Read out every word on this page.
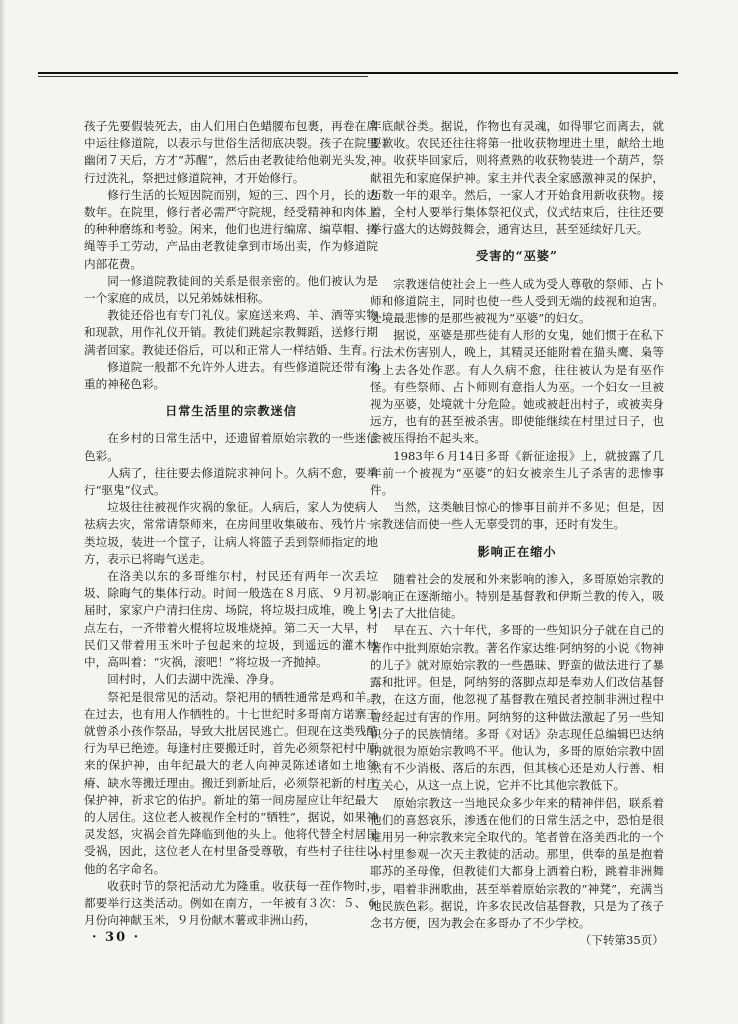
孩子先要假装死去，由人们用白色蜡腰布包裹，再卷在席中运往修道院，以表示与世俗生活彻底决裂。孩子在院里幽闭７天后，方才“苏醒”，然后由老教徒给他剃光头发，行过洗礼，祭把过修道院神，才开始修行。

修行生活的长短因院而别，短的三、四个月，长的达数年。在院里，修行者必需严守院规，经受精神和肉体上的种种磨练和考验。闲来，他们也进行编席、编草帽、搓绳等手工劳动，产品由老教徒拿到市场出卖，作为修道院内部花费。

同一修道院教徒间的关系是很亲密的。他们被认为是一个家庭的成员，以兄弟姊妹相称。

教徒还俗也有专门礼仪。家庭送来鸡、羊、酒等实物和现款，用作礼仪开销。教徒们跳起宗教舞蹈，送修行期满者回家。教徒还俗后，可以和正常人一样结婚、生育。

修道院一般都不允许外人进去。有些修道院还带有浓重的神秘色彩。

日常生活里的宗教迷信

在乡村的日常生活中，还遗留着原始宗教的一些迷信色彩。

人病了，往往要去修道院求神问卜。久病不愈，要举行“驱鬼”仪式。

垃圾往往被视作灾祸的象征。人病后，家人为使病人祛病去灾，常常请祭师来，在房间里收集破布、残竹片一类垃圾，装进一个筐子，让病人将篮子丢到祭师指定的地方，表示已将晦气送走。

在洛美以东的多哥维尔村，村民还有两年一次丢垃圾、除晦气的集体行动。时间一般选在８月底、９月初。届时，家家户户清扫住房、场院，将垃圾扫成堆，晚上９点左右，一齐带着火棍将垃圾堆烧掉。第二天一大早，村民们又带着用玉米叶子包起来的垃圾，到遥远的灌木林中，高叫着：“灾祸，滚吧！”将垃圾一齐抛掉。

回村时，人们去湖中洗澡、净身。

祭祀是很常见的活动。祭祀用的牺牲通常是鸡和羊。在过去，也有用人作牺牲的。十七世纪时多哥南方诺寨王就曾杀小孩作祭品，导致大批居民逃亡。但现在这类残酷行为早已绝迹。每逢村庄要搬迁时，首先必须祭祀村中原来的保护神，由年纪最大的老人向神灵陈述诸如土地贫瘠、缺水等搬迁理由。搬迁到新址后，必须祭祀新的村庄保护神，祈求它的佑护。新址的第一间房屋应让年纪最大的人居住。这位老人被视作全村的“牺牲”，据说，如果神灵发怒，灾祸会首先降临到他的头上。他将代替全村居民受祸，因此，这位老人在村里备受尊敬，有些村子往往以他的名字命名。

收获时节的祭祀活动尤为隆重。收获每一茬作物时，都要举行这类活动。例如在南方，一年被有３次：５、６月份向神献玉米，９月份献木薯或非洲山药，

年底献谷类。据说，作物也有灵魂，如得罪它而离去，就要歉收。农民还往往将第一批收获物埋进土里，献给土地神。收获毕回家后，则将煮熟的收获物装进一个葫芦，祭献祖先和家庭保护神。家主并代表全家感激神灵的保护，历数一年的艰辛。然后，一家人才开始食用新收获物。接着，全村人要举行集体祭祀仪式，仪式结束后，往往还要举行盛大的达姆鼓舞会，通宵达旦，甚至延续好几天。

受害的“巫婆”

宗教迷信使社会上一些人成为受人尊敬的祭师、占卜师和修道院主，同时也使一些人受到无端的歧视和迫害。处境最悲惨的是那些被视为“巫婆”的妇女。

据说，巫婆是那些徒有人形的女鬼，她们惯于在私下行法术伤害别人，晚上，其精灵还能附着在猫头鹰、枭等身上去各处作恶。有人久病不愈，往往被认为是有巫作怪。有些祭师、占卜师则有意指人为巫。一个妇女一旦被视为巫婆，处境就十分危险。她或被赶出村子，或被卖身远方，也有的甚至被杀害。即使能继续在村里过日子，也会被压得抬不起头来。

1983年６月14日多哥《新征途报》上，就披露了几年前一个被视为“巫婆”的妇女被亲生儿子杀害的悲惨事件。

当然，这类触目惊心的惨事目前并不多见；但是，因宗教迷信而使一些人无辜受罚的事，还时有发生。

影响正在缩小

随着社会的发展和外来影响的渗入，多哥原始宗教的影响正在逐渐缩小。特别是基督教和伊斯兰教的传入，吸引去了大批信徒。

早在五、六十年代，多哥的一些知识分子就在自己的著作中批判原始宗教。著名作家达维·阿纳努的小说《物神的儿子》就对原始宗教的一些愚昧、野蛮的做法进行了暴露和批评。但是，阿纳努的落脚点却是奉劝人们改信基督教，在这方面，他忽视了基督教在殖民者控制非洲过程中曾经起过有害的作用。阿纳努的这种做法激起了另一些知识分子的民族情绪。多哥《对话》杂志现任总编辑巴达纳纳就很为原始宗教鸣不平。他认为，多哥的原始宗教中固然有不少消极、落后的东西，但其核心还是劝人行善、相互关心，从这一点上说，它并不比其他宗教低下。

原始宗教这一当地民众多少年来的精神伴侣，联系着他们的喜怒哀乐，渗透在他们的日常生活之中，恐怕是很难用另一种宗教来完全取代的。笔者曾在洛美西北的一个小村里参观一次天主教徒的活动。那里，供奉的虽是抱着耶苏的圣母像，但教徒们大都身上洒着白粉，跳着非洲舞步，唱着非洲歌曲，甚至举着原始宗教的“神凳”，充满当地民族色彩。据说，许多农民改信基督教，只是为了孩子念书方便，因为教会在多哥办了不少学校。

（下转第35页）

· 30 ·
